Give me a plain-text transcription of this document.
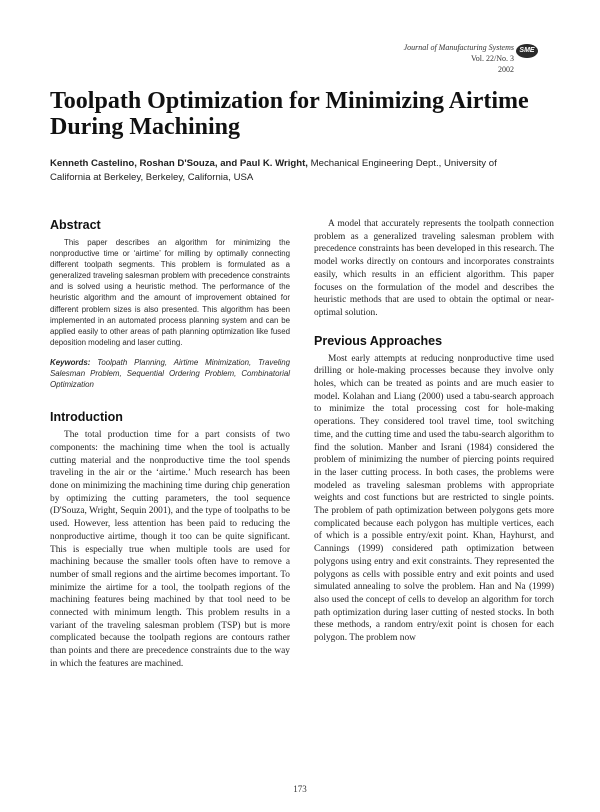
Journal of Manufacturing Systems
Vol. 22/No. 3
2002
SME
Toolpath Optimization for Minimizing Airtime During Machining
Kenneth Castelino, Roshan D'Souza, and Paul K. Wright, Mechanical Engineering Dept., University of California at Berkeley, Berkeley, California, USA
Abstract

This paper describes an algorithm for minimizing the nonproductive time or ‘airtime’ for milling by optimally connecting different toolpath segments. This problem is formulated as a generalized traveling salesman problem with precedence constraints and is solved using a heuristic method. The performance of the heuristic algorithm and the amount of improvement obtained for different problem sizes is also presented. This algorithm has been implemented in an automated process planning system and can be applied easily to other areas of path planning optimization like fused deposition modeling and laser cutting.

Keywords: Toolpath Planning, Airtime Minimization, Traveling Salesman Problem, Sequential Ordering Problem, Combinatorial Optimization

Introduction

The total production time for a part consists of two components: the machining time when the tool is actually cutting material and the nonproductive time the tool spends traveling in the air or the ‘airtime.’ Much research has been done on minimizing the machining time during chip generation by optimizing the cutting parameters, the tool sequence (D'Souza, Wright, Sequin 2001), and the type of toolpaths to be used. However, less attention has been paid to reducing the nonproductive airtime, though it too can be quite significant. This is especially true when multiple tools are used for machining because the smaller tools often have to remove a number of small regions and the airtime becomes important. To minimize the airtime for a tool, the toolpath regions of the machining features being machined by that tool need to be connected with minimum length. This problem results in a variant of the traveling salesman problem (TSP) but is more complicated because the toolpath regions are contours rather than points and there are precedence constraints due to the way in which the features are machined.

A model that accurately represents the toolpath connection problem as a generalized traveling salesman problem with precedence constraints has been developed in this research. The model works directly on contours and incorporates constraints easily, which results in an efficient algorithm. This paper focuses on the formulation of the model and describes the heuristic methods that are used to obtain the optimal or near-optimal solution.

Previous Approaches

Most early attempts at reducing nonproductive time used drilling or hole-making processes because they involve only holes, which can be treated as points and are much easier to model. Kolahan and Liang (2000) used a tabu-search approach to minimize the total processing cost for hole-making operations. They considered tool travel time, tool switching time, and the cutting time and used the tabu-search algorithm to find the solution. Manber and Israni (1984) considered the problem of minimizing the number of piercing points required in the laser cutting process. In both cases, the problems were modeled as traveling salesman problems with appropriate weights and cost functions but are restricted to single points. The problem of path optimization between polygons gets more complicated because each polygon has multiple vertices, each of which is a possible entry/exit point. Khan, Hayhurst, and Cannings (1999) considered path optimization between polygons using entry and exit constraints. They represented the polygons as cells with possible entry and exit points and used simulated annealing to solve the problem. Han and Na (1999) also used the concept of cells to develop an algorithm for torch path optimization during laser cutting of nested stocks. In both these methods, a random entry/exit point is chosen for each polygon. The problem now

173
